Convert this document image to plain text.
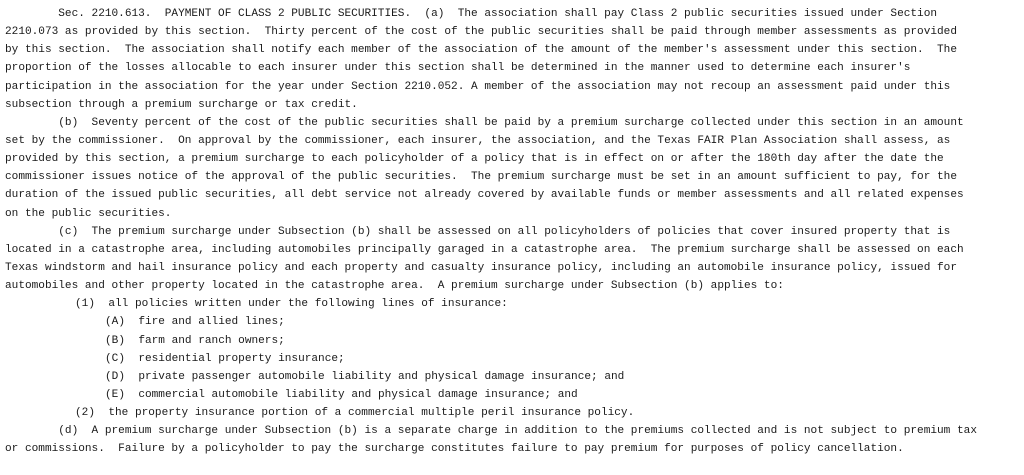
Sec. 2210.613.  PAYMENT OF CLASS 2 PUBLIC SECURITIES.  (a)  The association shall pay Class 2 public securities issued under Section
2210.073 as provided by this section.  Thirty percent of the cost of the public securities shall be paid through member assessments as provided
by this section.  The association shall notify each member of the association of the amount of the member's assessment under this section.  The
proportion of the losses allocable to each insurer under this section shall be determined in the manner used to determine each insurer's
participation in the association for the year under Section 2210.052. A member of the association may not recoup an assessment paid under this
subsection through a premium surcharge or tax credit.
(b)  Seventy percent of the cost of the public securities shall be paid by a premium surcharge collected under this section in an amount
set by the commissioner.  On approval by the commissioner, each insurer, the association, and the Texas FAIR Plan Association shall assess, as
provided by this section, a premium surcharge to each policyholder of a policy that is in effect on or after the 180th day after the date the
commissioner issues notice of the approval of the public securities.  The premium surcharge must be set in an amount sufficient to pay, for the
duration of the issued public securities, all debt service not already covered by available funds or member assessments and all related expenses
on the public securities.
(c)  The premium surcharge under Subsection (b) shall be assessed on all policyholders of policies that cover insured property that is
located in a catastrophe area, including automobiles principally garaged in a catastrophe area.  The premium surcharge shall be assessed on each
Texas windstorm and hail insurance policy and each property and casualty insurance policy, including an automobile insurance policy, issued for
automobiles and other property located in the catastrophe area.  A premium surcharge under Subsection (b) applies to:
(1) all policies written under the following lines of insurance:
(A) fire and allied lines;
(B) farm and ranch owners;
(C) residential property insurance;
(D) private passenger automobile liability and physical damage insurance; and
(E) commercial automobile liability and physical damage insurance; and
(2) the property insurance portion of a commercial multiple peril insurance policy.
(d)  A premium surcharge under Subsection (b) is a separate charge in addition to the premiums collected and is not subject to premium tax
or commissions.  Failure by a policyholder to pay the surcharge constitutes failure to pay premium for purposes of policy cancellation.
